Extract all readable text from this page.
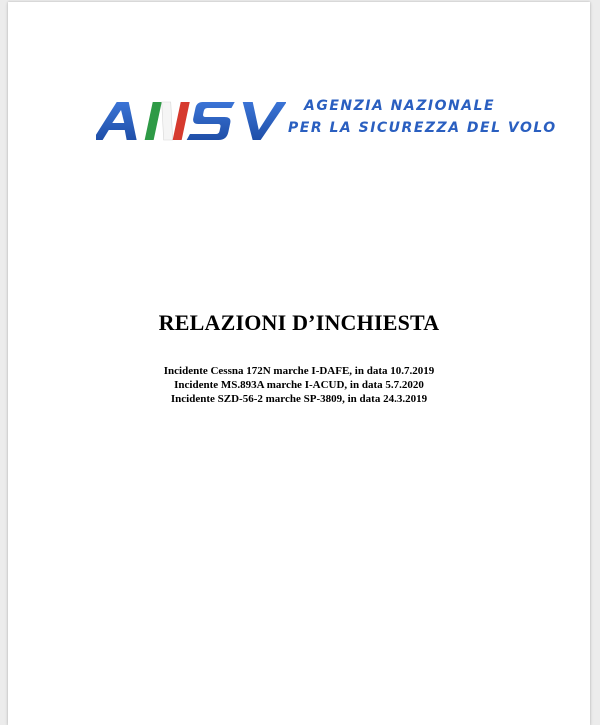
AGENZIA NAZIONALE
PER LA SICUREZZA DEL VOLO
RELAZIONI D’INCHIESTA
Incidente Cessna 172N marche I-DAFE, in data 10.7.2019
Incidente MS.893A marche I-ACUD, in data 5.7.2020
Incidente SZD-56-2 marche SP-3809, in data 24.3.2019
